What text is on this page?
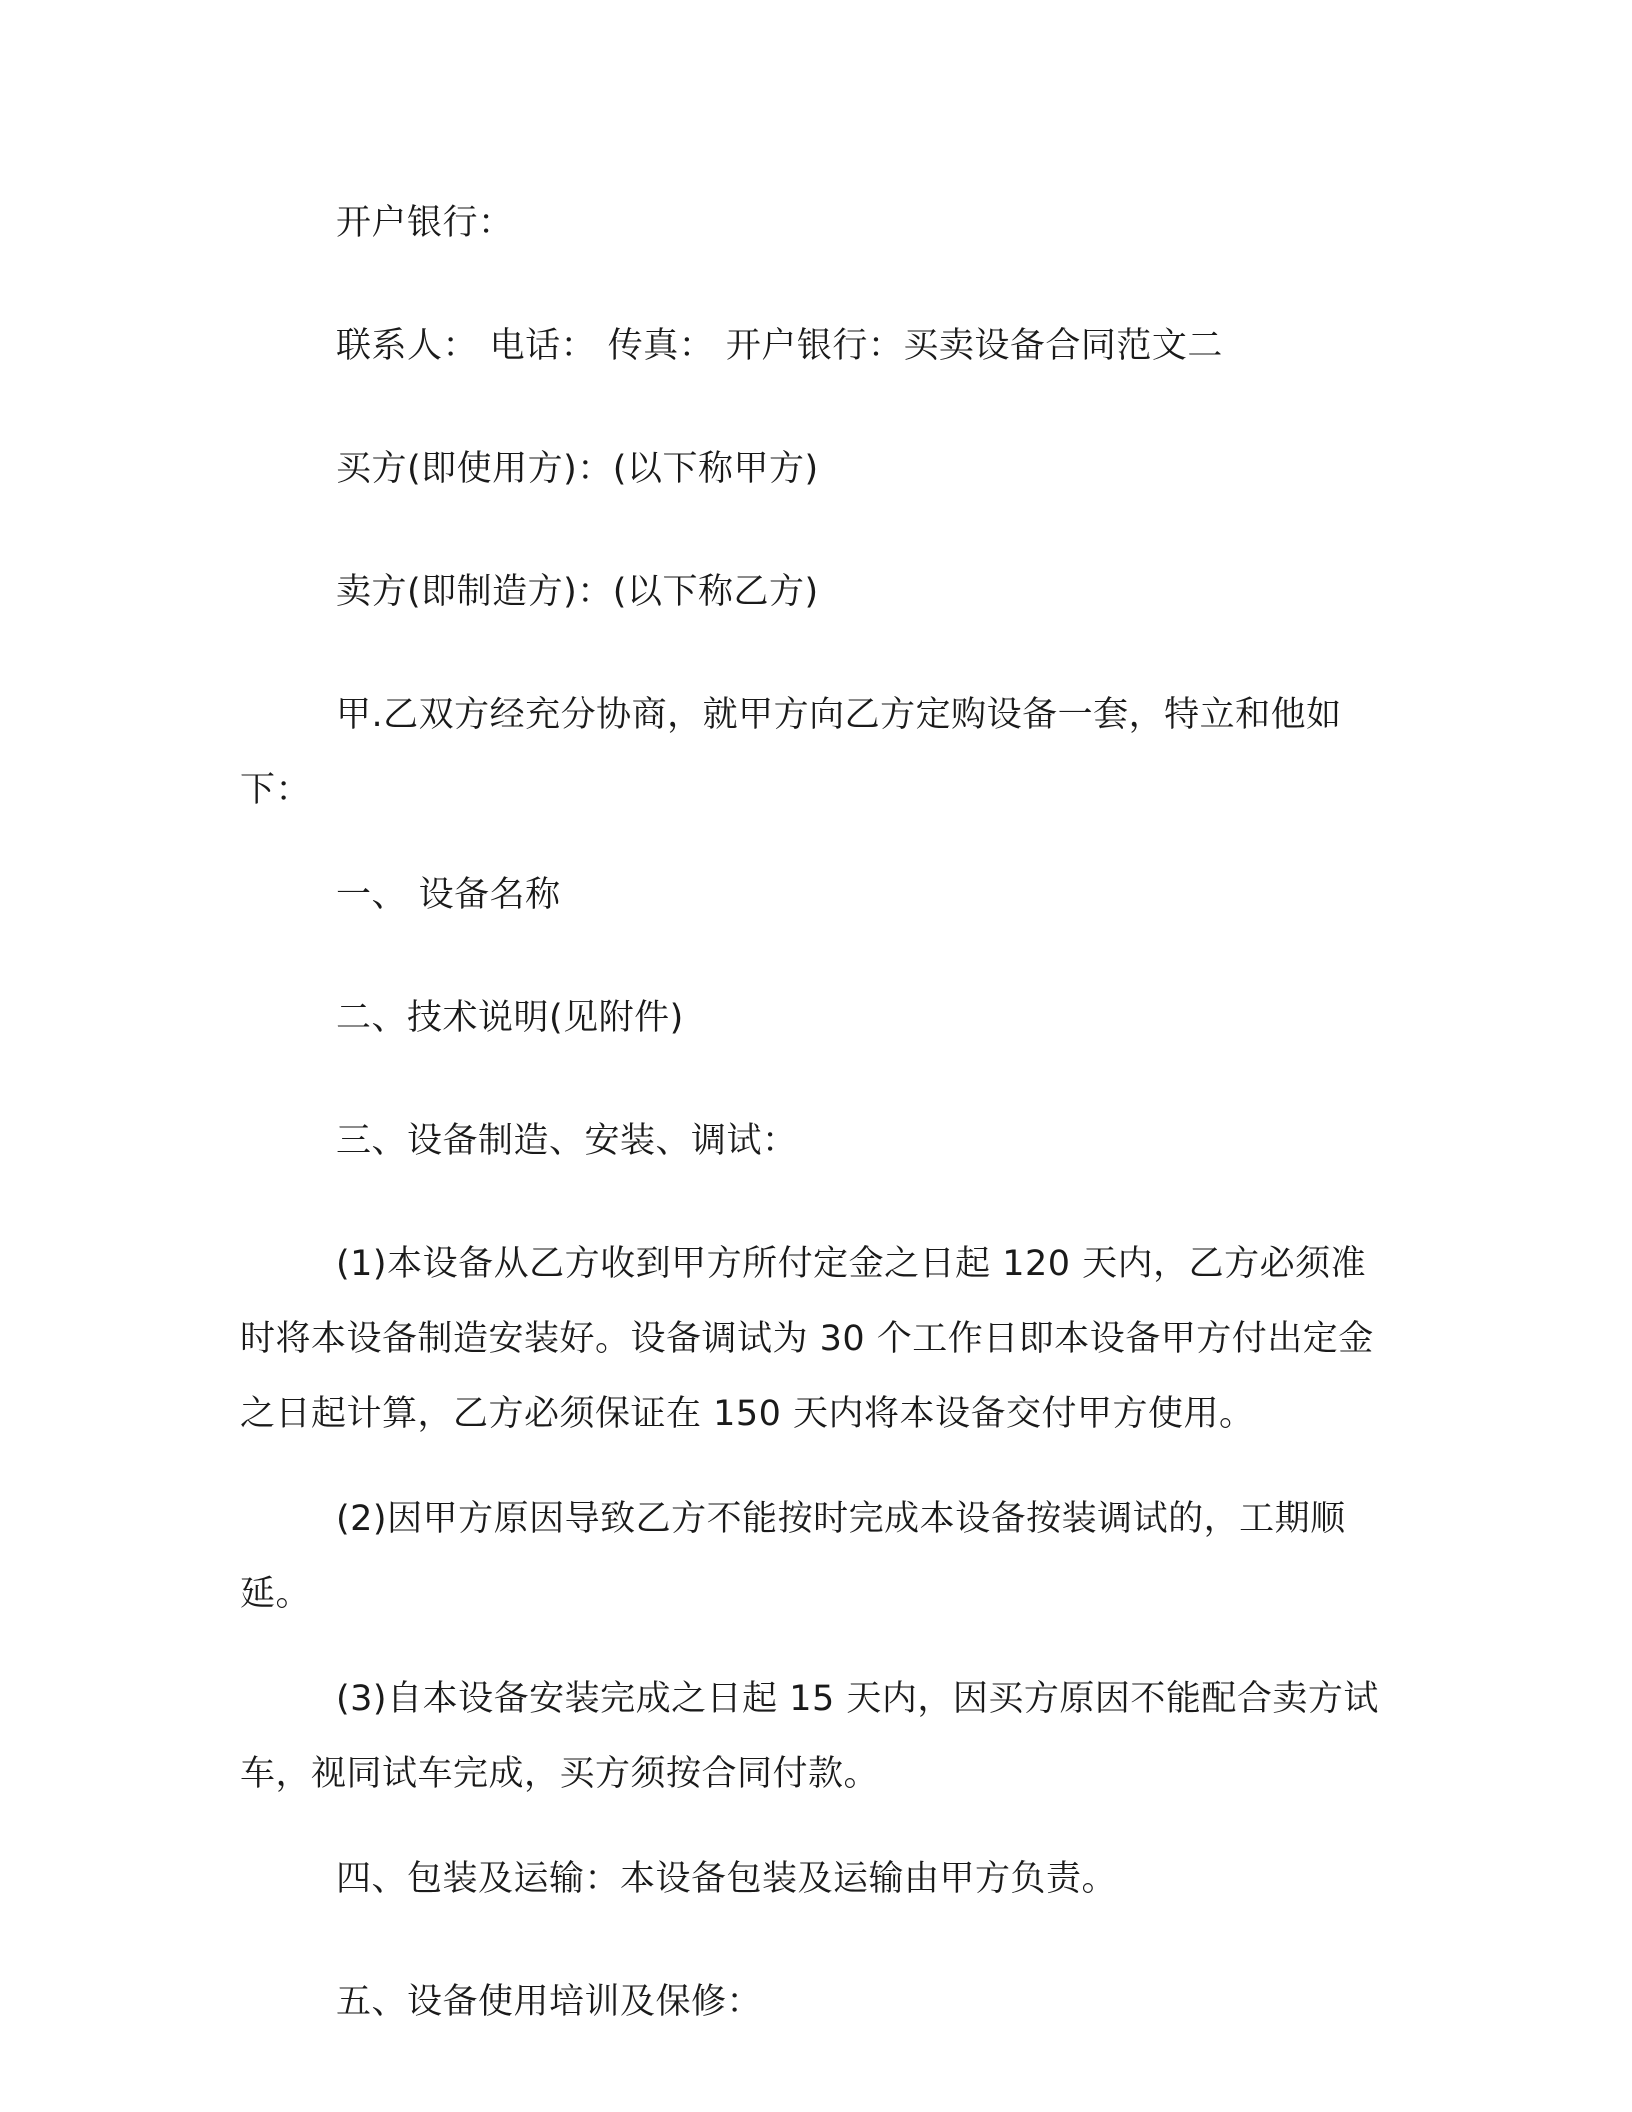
开户银行：

联系人： 电话： 传真： 开户银行：买卖设备合同范文二

买方(即使用方)：(以下称甲方)

卖方(即制造方)：(以下称乙方)

甲.乙双方经充分协商，就甲方向乙方定购设备一套，特立和他如下：

一、 设备名称

二、技术说明(见附件)

三、设备制造、安装、调试：

(1)本设备从乙方收到甲方所付定金之日起 120 天内，乙方必须准时将本设备制造安装好。设备调试为 30 个工作日即本设备甲方付出定金之日起计算，乙方必须保证在 150 天内将本设备交付甲方使用。

(2)因甲方原因导致乙方不能按时完成本设备按装调试的，工期顺延。

(3)自本设备安装完成之日起 15 天内，因买方原因不能配合卖方试车，视同试车完成，买方须按合同付款。

四、包装及运输：本设备包装及运输由甲方负责。

五、设备使用培训及保修：
